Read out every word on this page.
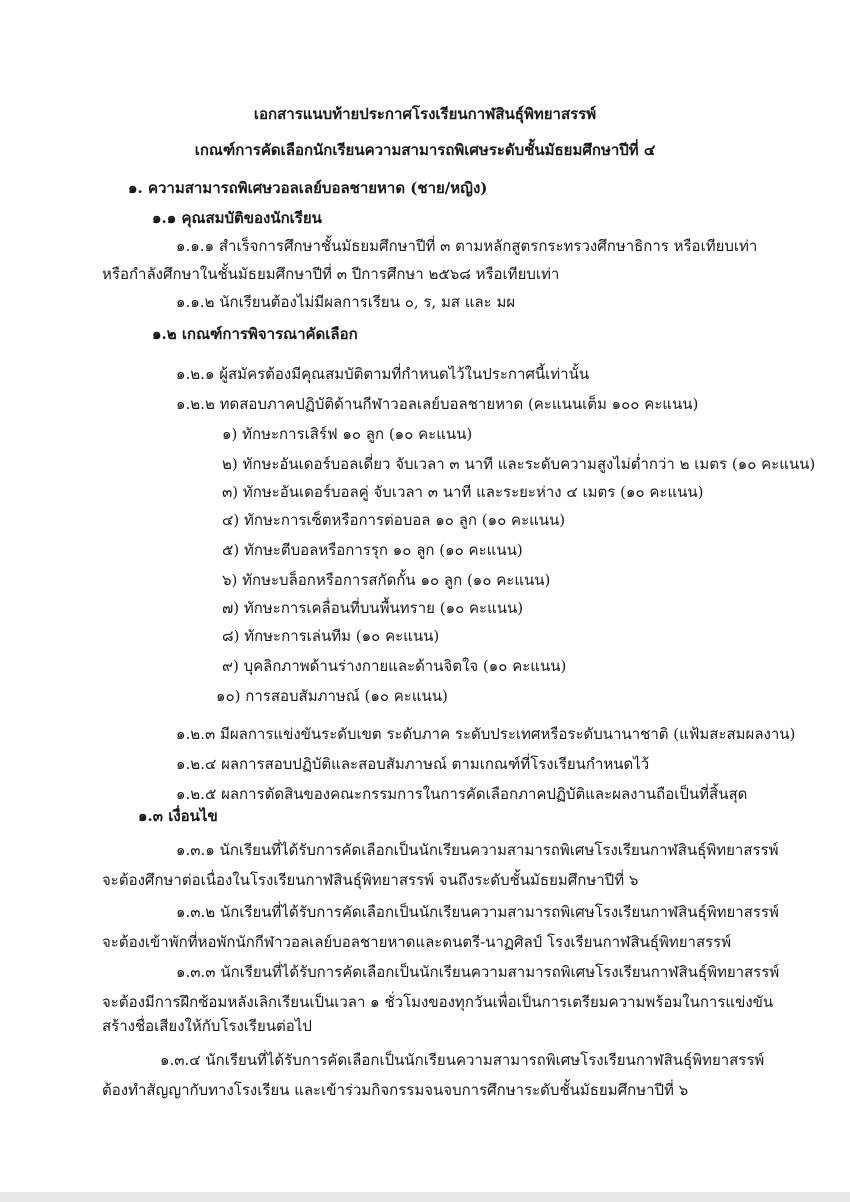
เอกสารแนบท้ายประกาศโรงเรียนกาฬสินธุ์พิทยาสรรพ์
เกณฑ์การคัดเลือกนักเรียนความสามารถพิเศษระดับชั้นมัธยมศึกษาปีที่ ๔
๑. ความสามารถพิเศษวอลเลย์บอลชายหาด (ชาย/หญิง)
๑.๑ คุณสมบัติของนักเรียน
๑.๑.๑ สำเร็จการศึกษาชั้นมัธยมศึกษาปีที่ ๓ ตามหลักสูตรกระทรวงศึกษาธิการ หรือเทียบเท่า
หรือกำลังศึกษาในชั้นมัธยมศึกษาปีที่ ๓ ปีการศึกษา ๒๕๖๘ หรือเทียบเท่า
๑.๑.๒ นักเรียนต้องไม่มีผลการเรียน ๐, ร, มส และ มผ
๑.๒ เกณฑ์การพิจารณาคัดเลือก
๑.๒.๑ ผู้สมัครต้องมีคุณสมบัติตามที่กำหนดไว้ในประกาศนี้เท่านั้น
๑.๒.๒ ทดสอบภาคปฏิบัติด้านกีฬาวอลเลย์บอลชายหาด (คะแนนเต็ม ๑๐๐ คะแนน)
๑) ทักษะการเสิร์ฟ ๑๐ ลูก (๑๐ คะแนน)
๒) ทักษะอันเดอร์บอลเดี่ยว จับเวลา ๓ นาที และระดับความสูงไม่ต่ำกว่า ๒ เมตร (๑๐ คะแนน)
๓) ทักษะอันเดอร์บอลคู่ จับเวลา ๓ นาที และระยะห่าง ๔ เมตร (๑๐ คะแนน)
๔) ทักษะการเซ็ตหรือการต่อบอล ๑๐ ลูก (๑๐ คะแนน)
๕) ทักษะตีบอลหรือการรุก ๑๐ ลูก (๑๐ คะแนน)
๖) ทักษะบล็อกหรือการสกัดกั้น ๑๐ ลูก (๑๐ คะแนน)
๗) ทักษะการเคลื่อนที่บนพื้นทราย (๑๐ คะแนน)
๘) ทักษะการเล่นทีม (๑๐ คะแนน)
๙) บุคลิกภาพด้านร่างกายและด้านจิตใจ (๑๐ คะแนน)
๑๐) การสอบสัมภาษณ์ (๑๐ คะแนน)
๑.๒.๓ มีผลการแข่งขันระดับเขต ระดับภาค ระดับประเทศหรือระดับนานาชาติ (แฟ้มสะสมผลงาน)
๑.๒.๔ ผลการสอบปฏิบัติและสอบสัมภาษณ์ ตามเกณฑ์ที่โรงเรียนกำหนดไว้
๑.๒.๕ ผลการตัดสินของคณะกรรมการในการคัดเลือกภาคปฏิบัติและผลงานถือเป็นที่สิ้นสุด
๑.๓ เงื่อนไข
๑.๓.๑ นักเรียนที่ได้รับการคัดเลือกเป็นนักเรียนความสามารถพิเศษโรงเรียนกาฬสินธุ์พิทยาสรรพ์
จะต้องศึกษาต่อเนื่องในโรงเรียนกาฬสินธุ์พิทยาสรรพ์ จนถึงระดับชั้นมัธยมศึกษาปีที่ ๖
๑.๓.๒ นักเรียนที่ได้รับการคัดเลือกเป็นนักเรียนความสามารถพิเศษโรงเรียนกาฬสินธุ์พิทยาสรรพ์
จะต้องเข้าพักที่หอพักนักกีฬาวอลเลย์บอลชายหาดและดนตรี-นาฏศิลป์ โรงเรียนกาฬสินธุ์พิทยาสรรพ์
๑.๓.๓ นักเรียนที่ได้รับการคัดเลือกเป็นนักเรียนความสามารถพิเศษโรงเรียนกาฬสินธุ์พิทยาสรรพ์
จะต้องมีการฝึกซ้อมหลังเลิกเรียนเป็นเวลา ๑ ชั่วโมงของทุกวันเพื่อเป็นการเตรียมความพร้อมในการแข่งขัน
สร้างชื่อเสียงให้กับโรงเรียนต่อไป
๑.๓.๔ นักเรียนที่ได้รับการคัดเลือกเป็นนักเรียนความสามารถพิเศษโรงเรียนกาฬสินธุ์พิทยาสรรพ์
ต้องทำสัญญากับทางโรงเรียน และเข้าร่วมกิจกรรมจนจบการศึกษาระดับชั้นมัธยมศึกษาปีที่ ๖
